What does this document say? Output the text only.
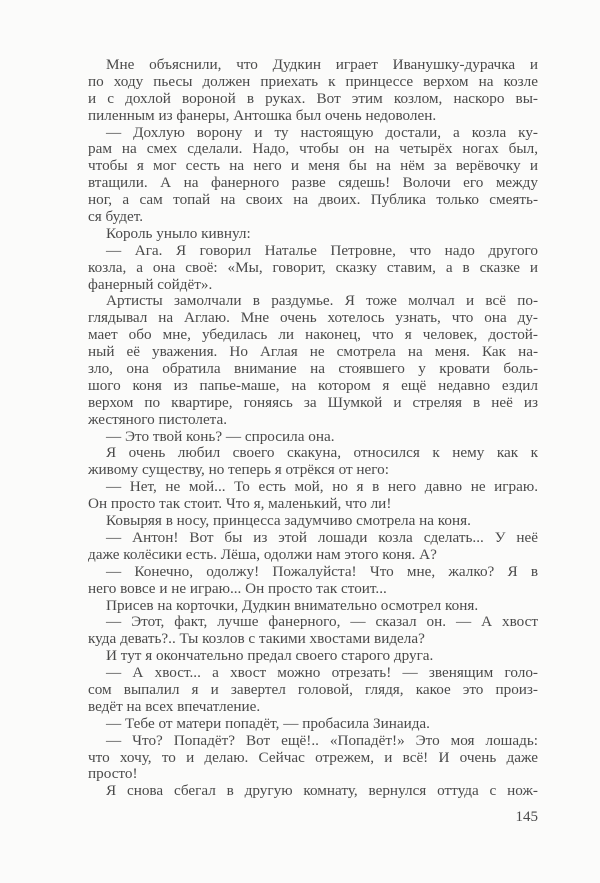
Мне объяснили, что Дудкин играет Иванушку-дурачка и
по ходу пьесы должен приехать к принцессе верхом на козле
и с дохлой вороной в руках. Вот этим козлом, наскоро вы-
пиленным из фанеры, Антошка был очень недоволен.
— Дохлую ворону и ту настоящую достали, а козла ку-
рам на смех сделали. Надо, чтобы он на четырёх ногах был,
чтобы я мог сесть на него и меня бы на нём за верёвочку и
втащили. А на фанерного разве сядешь! Волочи его между
ног, а сам топай на своих на двоих. Публика только смеять-
ся будет.
Король уныло кивнул:
— Ага. Я говорил Наталье Петровне, что надо другого
козла, а она своё: «Мы, говорит, сказку ставим, а в сказке и
фанерный сойдёт».
Артисты замолчали в раздумье. Я тоже молчал и всё по-
глядывал на Аглаю. Мне очень хотелось узнать, что она ду-
мает обо мне, убедилась ли наконец, что я человек, достой-
ный её уважения. Но Аглая не смотрела на меня. Как на-
зло, она обратила внимание на стоявшего у кровати боль-
шого коня из папье-маше, на котором я ещё недавно ездил
верхом по квартире, гоняясь за Шумкой и стреляя в неё из
жестяного пистолета.
— Это твой конь? — спросила она.
Я очень любил своего скакуна, относился к нему как к
живому существу, но теперь я отрёкся от него:
— Нет, не мой... То есть мой, но я в него давно не играю.
Он просто так стоит. Что я, маленький, что ли!
Ковыряя в носу, принцесса задумчиво смотрела на коня.
— Антон! Вот бы из этой лошади козла сделать... У неё
даже колёсики есть. Лёша, одолжи нам этого коня. А?
— Конечно, одолжу! Пожалуйста! Что мне, жалко? Я в
него вовсе и не играю... Он просто так стоит...
Присев на корточки, Дудкин внимательно осмотрел коня.
— Этот, факт, лучше фанерного, — сказал он. — А хвост
куда девать?.. Ты козлов с такими хвостами видела?
И тут я окончательно предал своего старого друга.
— А хвост... а хвост можно отрезать! — звенящим голо-
сом выпалил я и завертел головой, глядя, какое это произ-
ведёт на всех впечатление.
— Тебе от матери попадёт, — пробасила Зинаида.
— Что? Попадёт? Вот ещё!.. «Попадёт!» Это моя лошадь:
что хочу, то и делаю. Сейчас отрежем, и всё! И очень даже
просто!
Я снова сбегал в другую комнату, вернулся оттуда с нож-
145
